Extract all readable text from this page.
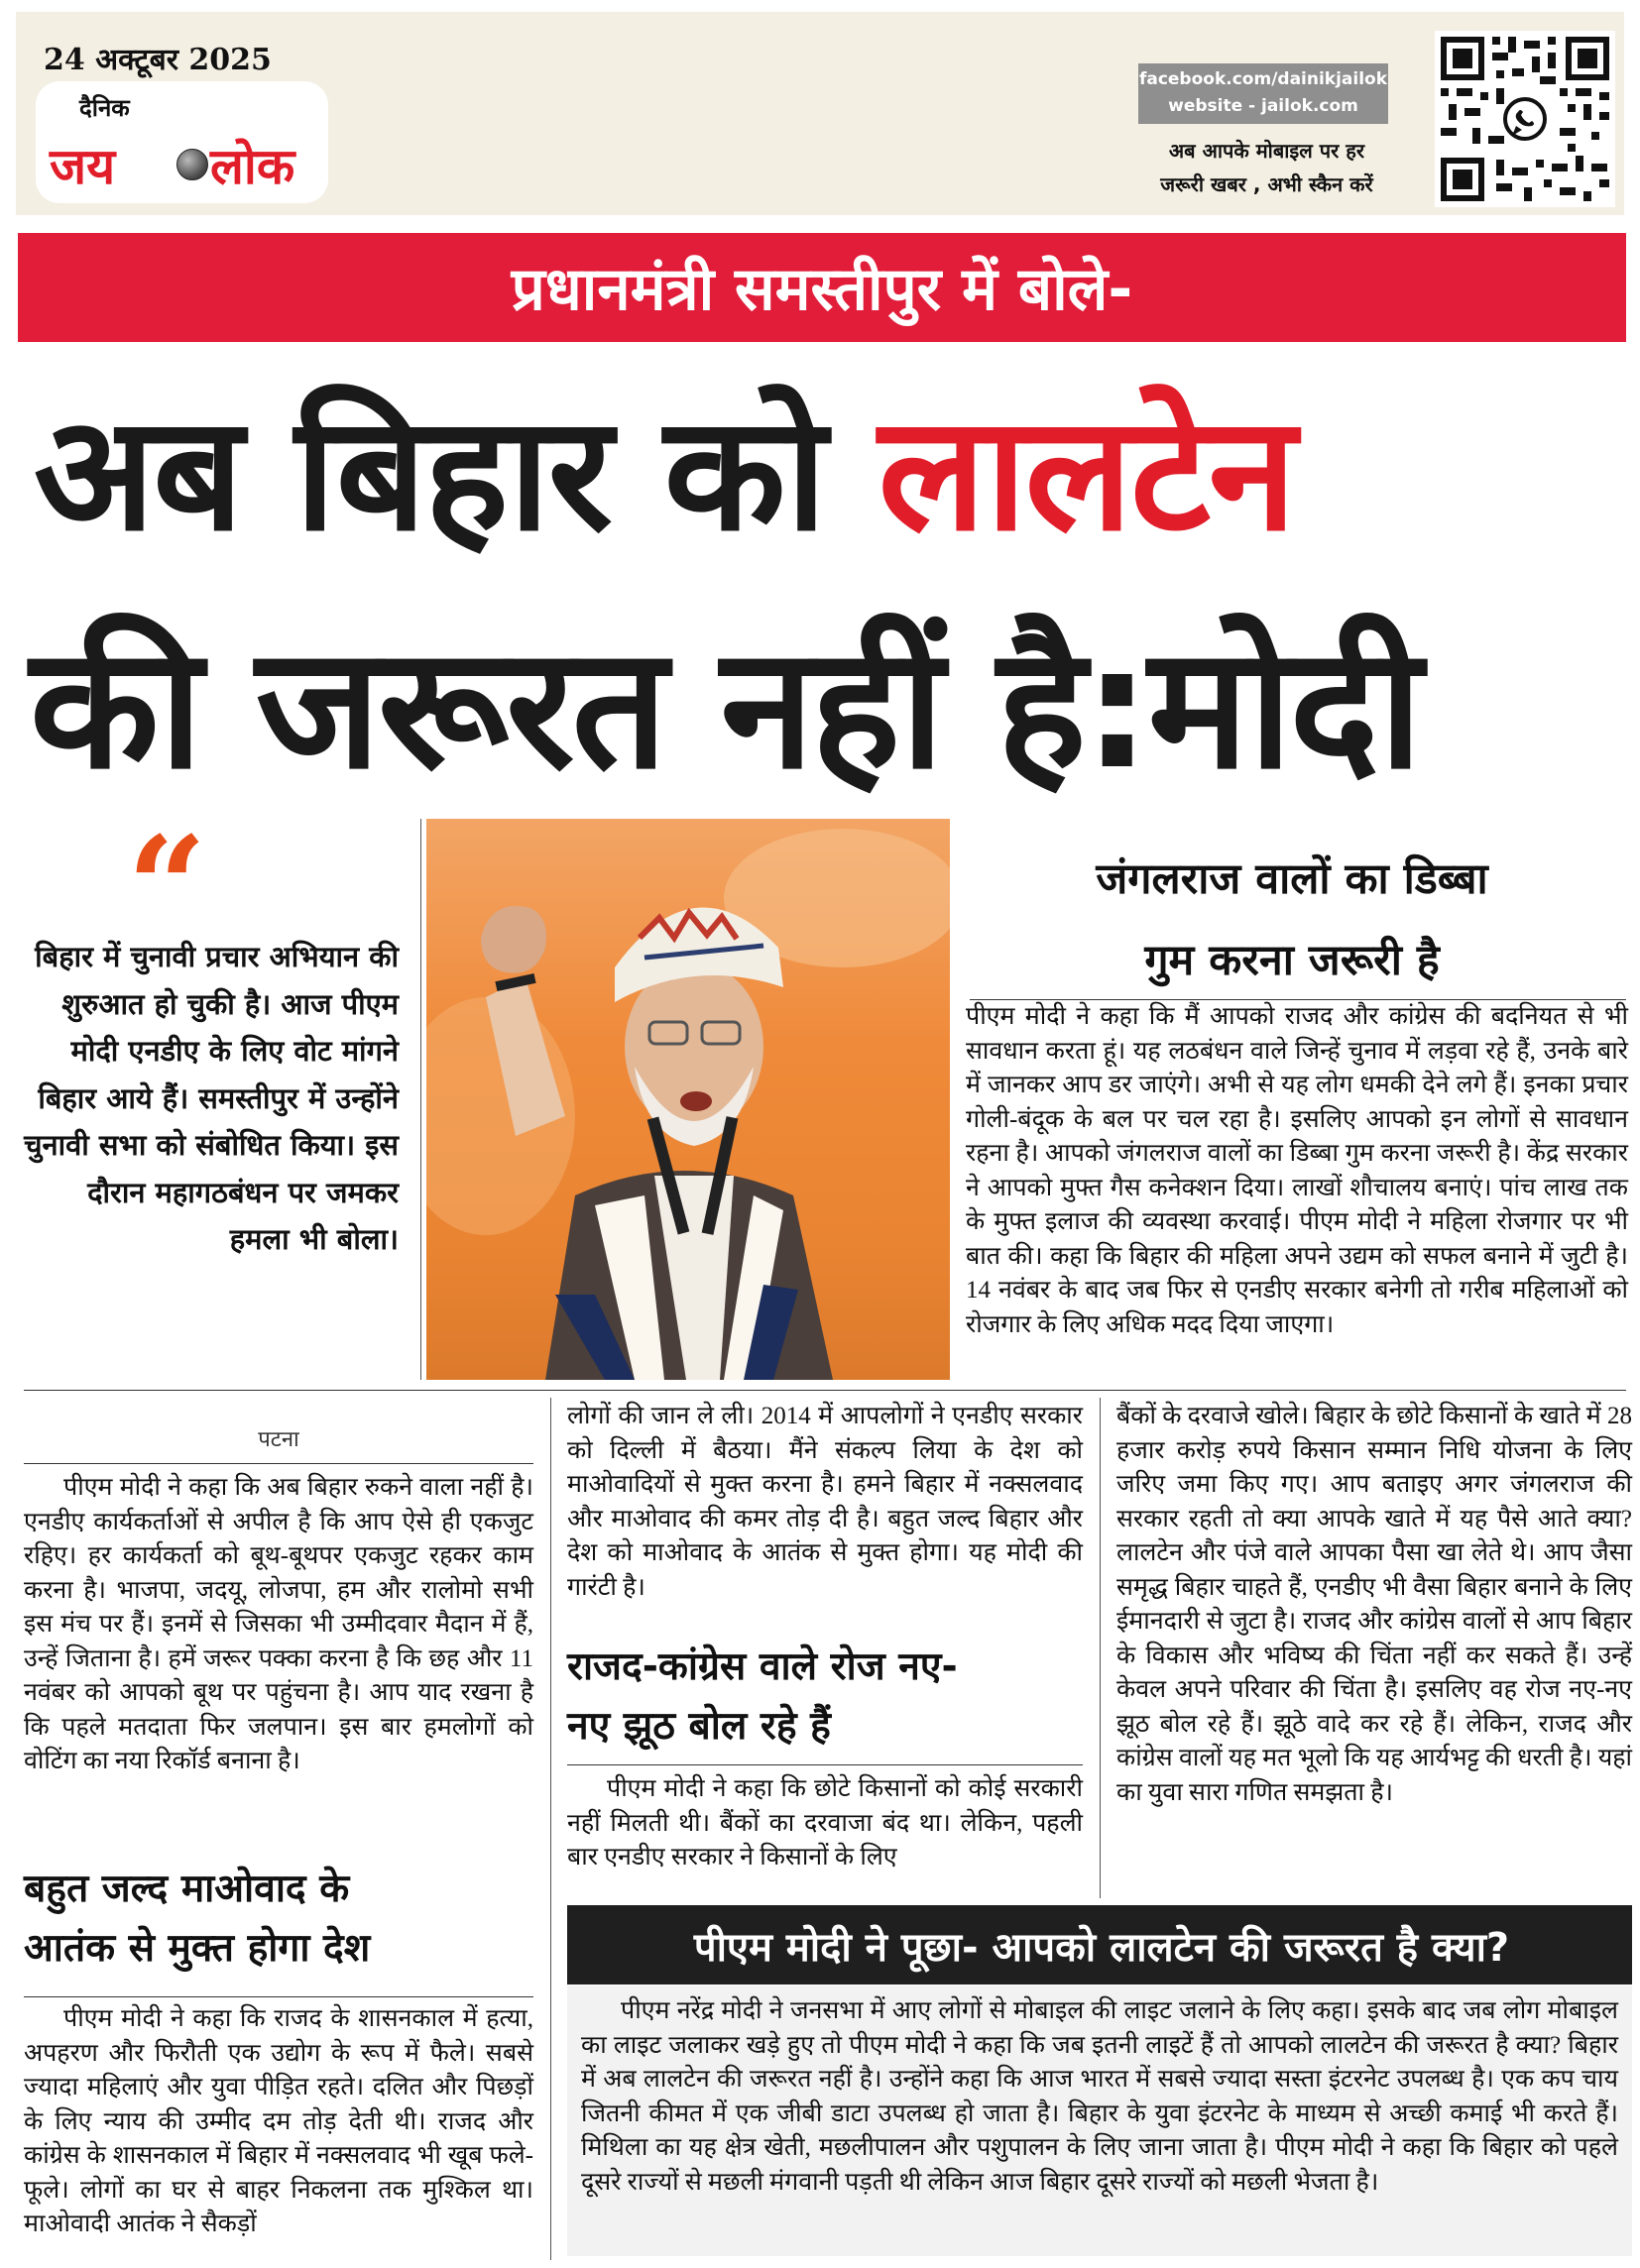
24 अक्टूबर 2025
दैनिक
जय लोक
facebook.com/dainikjailok
website - jailok.com
अब आपके मोबाइल पर हर
जरूरी खबर , अभी स्कैन करें
प्रधानमंत्री समस्तीपुर में बोले-
अब बिहार को लालटेन
की जरूरत नहीं है:मोदी
“
बिहार में चुनावी प्रचार अभियान की शुरुआत हो चुकी है। आज पीएम मोदी एनडीए के लिए वोट मांगने बिहार आये हैं। समस्तीपुर में उन्होंने चुनावी सभा को संबोधित किया। इस दौरान महागठबंधन पर जमकर हमला भी बोला।
जंगलराज वालों का डिब्बा
गुम करना जरूरी है
पीएम मोदी ने कहा कि मैं आपको राजद और कांग्रेस की बदनियत से भी सावधान करता हूं। यह लठबंधन वाले जिन्हें चुनाव में लड़वा रहे हैं, उनके बारे में जानकर आप डर जाएंगे। अभी से यह लोग धमकी देने लगे हैं। इनका प्रचार गोली-बंदूक के बल पर चल रहा है। इसलिए आपको इन लोगों से सावधान रहना है। आपको जंगलराज वालों का डिब्बा गुम करना जरूरी है। केंद्र सरकार ने आपको मुफ्त गैस कनेक्शन दिया। लाखों शौचालय बनाएं। पांच लाख तक के मुफ्त इलाज की व्यवस्था करवाई। पीएम मोदी ने महिला रोजगार पर भी बात की। कहा कि बिहार की महिला अपने उद्यम को सफल बनाने में जुटी है। 14 नवंबर के बाद जब फिर से एनडीए सरकार बनेगी तो गरीब महिलाओं को रोजगार के लिए अधिक मदद दिया जाएगा।
पटना
पीएम मोदी ने कहा कि अब बिहार रुकने वाला नहीं है। एनडीए कार्यकर्ताओं से अपील है कि आप ऐसे ही एकजुट रहिए। हर कार्यकर्ता को बूथ-बूथपर एकजुट रहकर काम करना है। भाजपा, जदयू, लोजपा, हम और रालोमो सभी इस मंच पर हैं। इनमें से जिसका भी उम्मीदवार मैदान में हैं, उन्हें जिताना है। हमें जरूर पक्का करना है कि छह और 11 नवंबर को आपको बूथ पर पहुंचना है। आप याद रखना है कि पहले मतदाता फिर जलपान। इस बार हमलोगों को वोटिंग का नया रिकॉर्ड बनाना है।
बहुत जल्द माओवाद के
आतंक से मुक्त होगा देश
पीएम मोदी ने कहा कि राजद के शासनकाल में हत्या, अपहरण और फिरौती एक उद्योग के रूप में फैले। सबसे ज्यादा महिलाएं और युवा पीड़ित रहते। दलित और पिछड़ों के लिए न्याय की उम्मीद दम तोड़ देती थी। राजद और कांग्रेस के शासनकाल में बिहार में नक्सलवाद भी खूब फले-फूले। लोगों का घर से बाहर निकलना तक मुश्किल था। माओवादी आतंक ने सैकड़ों
लोगों की जान ले ली। 2014 में आपलोगों ने एनडीए सरकार को दिल्ली में बैठया। मैंने संकल्प लिया के देश को माओवादियों से मुक्त करना है। हमने बिहार में नक्सलवाद और माओवाद की कमर तोड़ दी है। बहुत जल्द बिहार और देश को माओवाद के आतंक से मुक्त होगा। यह मोदी की गारंटी है।
राजद-कांग्रेस वाले रोज नए-
नए झूठ बोल रहे हैं
पीएम मोदी ने कहा कि छोटे किसानों को कोई सरकारी नहीं मिलती थी। बैंकों का दरवाजा बंद था। लेकिन, पहली बार एनडीए सरकार ने किसानों के लिए
बैंकों के दरवाजे खोले। बिहार के छोटे किसानों के खाते में 28 हजार करोड़ रुपये किसान सम्मान निधि योजना के लिए जरिए जमा किए गए। आप बताइए अगर जंगलराज की सरकार रहती तो क्या आपके खाते में यह पैसे आते क्या? लालटेन और पंजे वाले आपका पैसा खा लेते थे। आप जैसा समृद्ध बिहार चाहते हैं, एनडीए भी वैसा बिहार बनाने के लिए ईमानदारी से जुटा है। राजद और कांग्रेस वालों से आप बिहार के विकास और भविष्य की चिंता नहीं कर सकते हैं। उन्हें केवल अपने परिवार की चिंता है। इसलिए वह रोज नए-नए झूठ बोल रहे हैं। झूठे वादे कर रहे हैं। लेकिन, राजद और कांग्रेस वालों यह मत भूलो कि यह आर्यभट्ट की धरती है। यहां का युवा सारा गणित समझता है।
पीएम मोदी ने पूछा- आपको लालटेन की जरूरत है क्या?
पीएम नरेंद्र मोदी ने जनसभा में आए लोगों से मोबाइल की लाइट जलाने के लिए कहा। इसके बाद जब लोग मोबाइल का लाइट जलाकर खड़े हुए तो पीएम मोदी ने कहा कि जब इतनी लाइटें हैं तो आपको लालटेन की जरूरत है क्या? बिहार में अब लालटेन की जरूरत नहीं है। उन्होंने कहा कि आज भारत में सबसे ज्यादा सस्ता इंटरनेट उपलब्ध है। एक कप चाय जितनी कीमत में एक जीबी डाटा उपलब्ध हो जाता है। बिहार के युवा इंटरनेट के माध्यम से अच्छी कमाई भी करते हैं। मिथिला का यह क्षेत्र खेती, मछलीपालन और पशुपालन के लिए जाना जाता है। पीएम मोदी ने कहा कि बिहार को पहले दूसरे राज्यों से मछली मंगवानी पड़ती थी लेकिन आज बिहार दूसरे राज्यों को मछली भेजता है।
